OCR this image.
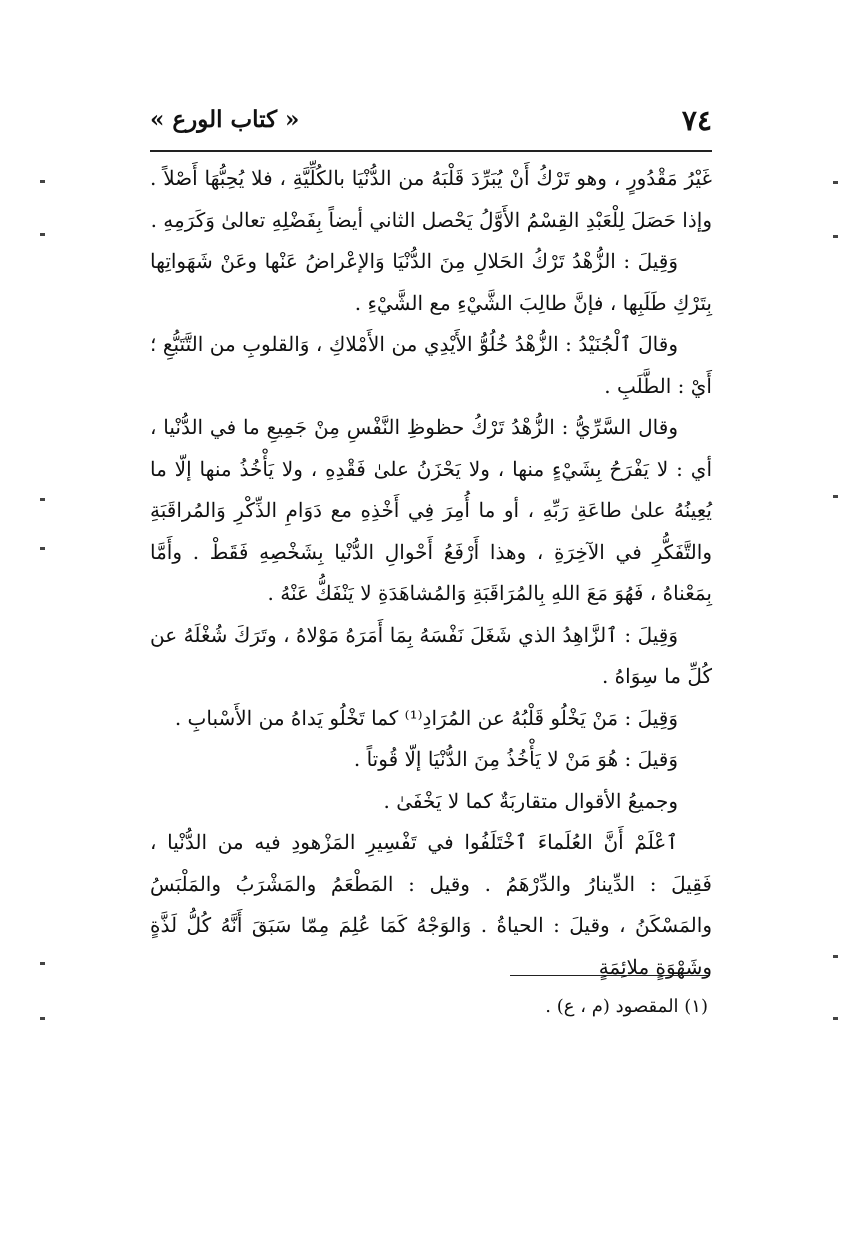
٧٤
« كتاب الورع »

غَيْرُ مَقْدُورٍ ، وهو تَرْكُ أَنْ يُبَرِّدَ قَلْبَهُ من الدُّنْيَا بالكُلِّيَّةِ ، فلا يُحِبُّهَا أَصْلاً . وإذا حَصَلَ لِلْعَبْدِ القِسْمُ الأَوَّلُ يَحْصل الثاني أيضاً بِفَضْلِهِ تعالىٰ وَكَرَمِهِ .

وَقِيلَ : الزُّهْدُ تَرْكُ الحَلالِ مِنَ الدُّنْيَا وَالإعْراضُ عَنْها وعَنْ شَهَواتِها بِتَرْكِ طَلَبِها ، فإنَّ طالِبَ الشَّيْءِ مع الشَّيْءِ .

وقالَ ٱلْجُنَيْدُ : الزُّهْدُ خُلُوُّ الأَيْدِي من الأَمْلاكِ ، وَالقلوبِ من التَّتَبُّعِ ؛ أَيْ : الطَّلَبِ .

وقال السَّرِّيُّ : الزُّهْدُ تَرْكُ حظوظِ النَّفْسِ مِنْ جَمِيعِ ما في الدُّنْيا ، أي : لا يَفْرَحُ بِشَيْءٍ منها ، ولا يَحْزَنُ علىٰ فَقْدِهِ ، ولا يَأْخُذُ منها إلّا ما يُعِينُهُ علىٰ طاعَةِ رَبِّهِ ، أو ما أُمِرَ فِي أَخْذِهِ مع دَوَامِ الذِّكْرِ وَالمُراقَبَةِ والتَّفَكُّرِ في الآخِرَةِ ، وهذا أَرْفَعُ أَحْوالِ الدُّنْيا بِشَخْصِهِ فَقَطْ . وأَمَّا بِمَعْناهُ ، فَهُوَ مَعَ اللهِ بِالمُرَاقَبَةِ وَالمُشاهَدَةِ لا يَنْفَكُّ عَنْهُ .

وَقِيلَ : ٱلزَّاهِدُ الذي شَغَلَ نَفْسَهُ بِمَا أَمَرَهُ مَوْلاهُ ، وتَرَكَ شُغْلَهُ عن كُلِّ ما سِوَاهُ .

وَقِيلَ : مَنْ يَخْلُو قَلْبُهُ عن المُرَادِ⁽¹⁾ كما تَخْلُو يَداهُ من الأَسْبابِ .

وَقيلَ : هُوَ مَنْ لا يَأْخُذُ مِنَ الدُّنْيَا إلّا قُوتاً .

وجميعُ الأقوال متقاربَةٌ كما لا يَخْفَىٰ .

ٱعْلَمْ أَنَّ العُلَماءَ ٱخْتَلَفُوا في تَفْسِيرِ المَزْهودِ فيه من الدُّنْيا ، فَقِيلَ : الدِّينارُ والدِّرْهَمُ . وقيل : المَطْعَمُ والمَشْرَبُ والمَلْبَسُ والمَسْكَنُ ، وقيلَ : الحياةُ . وَالوَجْهُ كَمَا عُلِمَ مِمّا سَبَقَ أَنَّهُ كُلُّ لَذَّةٍ وشَهْوَةٍ ملائِمَةٍ

(١) المقصود (م ، ع) .
